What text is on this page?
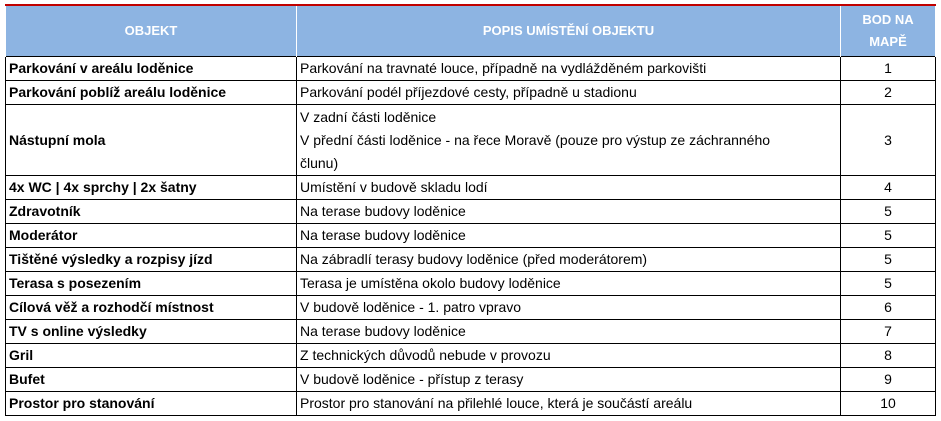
OBJEKT	POPIS UMÍSTĚNÍ OBJEKTU	BOD NA
MAPĚ
Parkování v areálu loděnice	Parkování na travnaté louce, případně na vydlážděném parkovišti	1
Parkování poblíž areálu loděnice	Parkování podél příjezdové cesty, případně u stadionu	2
Nástupní mola	V zadní části loděnice
V přední části loděnice - na řece Moravě (pouze pro výstup ze záchranného
člunu)	3
4x WC | 4x sprchy | 2x šatny	Umístění v budově skladu lodí	4
Zdravotník	Na terase budovy loděnice	5
Moderátor	Na terase budovy loděnice	5
Tištěné výsledky a rozpisy jízd	Na zábradlí terasy budovy loděnice (před moderátorem)	5
Terasa s posezením	Terasa je umístěna okolo budovy loděnice	5
Cílová věž a rozhodčí místnost	V budově loděnice - 1. patro vpravo	6
TV s online výsledky	Na terase budovy loděnice	7
Gril	Z technických důvodů nebude v provozu	8
Bufet	V budově loděnice - přístup z terasy	9
Prostor pro stanování	Prostor pro stanování na přilehlé louce, která je součástí areálu	10
